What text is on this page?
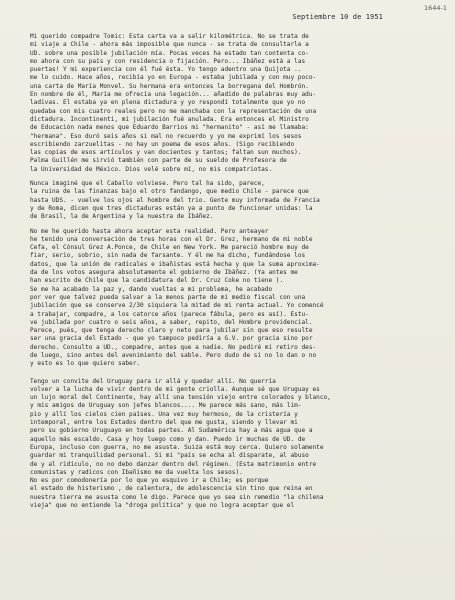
1644-1
Septiembre 10 de 1951
Mi querido compadre Tomic: Esta carta va a salir kilométrica. No se trata de
mi viaje a Chile - ahora más imposible que nunca - se trata de consultarle a
UD. sobre una posible jubilación mía. Pocas veces ha estado tan contenta co-
mo ahora con su país y con residencia o fijación. Pero... Ibáñez está a las
puertas! Y mi experiencia con él fué ésta. Yo tengo adentro una Quijota ..
me lo cuido. Hace años, recibía yo en Europa - estaba jubilada y con muy poco-
una carta de María Monvel. Su hermana era entonces la borregana del Hombrón.
En nombre de él, María me ofrecía una legación... añadido de palabras muy adu-
ladivas. Él estaba ya en plena dictadura y yo respondí totalmente que yo no
quedaba con mis cuatro reales pero no me manchaba con la representación de una
dictadura. Incontinenti, mi jubilación fué anulada. Era entonces el Ministro
de Educación nada menos que Eduardo Barrios mi "hermanito" - así me llamaba:
"hermana". Eso duró seis años si mal no recuerdo y yo me exprimí los sesos
escribiendo zarzuelitas - no hay un poema de esos años. (Sigo recibiendo
las copias de esos artículos y van docientos y tantos; faltan sun muchos).
Palma Guillén me sirvió también con parte de su sueldo de Profesora de
la Universidad de México. Dios velé sobre mí, no mis compatriotas.
Nunca imaginé que el Caballo volviese. Pero tal ha sido, parece,
la ruina de las finanzas bajo el otro fandango, que medio Chile - parece que
hasta UDS. - vuelve los ojos al hombre del trio. Gente muy informada de Francia
y de Roma, dicen que tres dictaduras están ya a punto de funcionar unidas: la
de Brasil, la de Argentina y la nuestra de Ibáñez.
No me he querido hasta ahora aceptar esta realidad. Pero anteayer
he tenido una conversación de tres horas con el Dr. Grez, hermano de mi noble
Cefa, el Cónsul Grez A.Ponce, de Chile en New York. Me pareció hombre muy de
fiar, serio, sobrio, sin nada de farsante. Y él me ha dicho, fundándose los
datos, que la unión de radicales e ibañistas está hecha y que la suma aproxima-
da de los votos asegura absolutamente el gobierno de Ibáñez. (Ya antes me
han escrito de Chile que la candidatura del Dr. Cruz Coke no tiene ).
Se me ha acabado la paz y, dando vueltas a mi problema, he acabado
por ver que talvez pueda salvar a la menos parte de mi medio fiscal con una
jubilación que se conserve 2/30 siquiera la mitad de mi renta actual. Yo comencé
a trabajar, compadre, a los catorce años (parece fábula, pero es así). Estu-
ve jubilada por cuatro o seis años, a saber, repito, del Hombre providencial.
Parece, pués, que tenga derecho claro y neto para jubilar sin que eso resulte
ser una gracia del Estado - que yo tampoco pediría a G.V. por gracia sino por
derecho. Consulto a UD., compadre, antes que a nadie. No pediré mi retiro des-
de luego, sino antes del avenimiento del sable. Pero dudo de si no lo dan o no
y esto es lo que quiero saber.
Tengo un convite del Uruguay para ir allá y quedar allí. No querría
volver a la lucha de vivir dentro de mi gente criolla. Aunque sé que Uruguay es
un lujo moral del Continente, hay allí una tensión viejo entre colorados y blanco,
y mis amigos de Uruguay son jefes blancos.... Me parece más sano, más lim-
pio y allí los cielos cien países. Una vez muy hermoso, de la cristería y
intemporal, entre los Estados dentro del que me gusta, siendo y llevar mi
pero su gobierno Uruguayo en todas partes. Al Sudamérica hay a más agua que a
aquello más escaldo. Casa y hoy luego como y dan. Puedo ir muchas de UD. de
Europa, incluso con guerra, no me asusta. Suiza está muy cerca. Quiero solamente
guardar mi tranquilidad personal. Si mi "país se echa al disparate, al abuso
de y al ridículo, no no debo danzar dentro del régimen. (Esta matrimonio entre
comunistas y radicos con Ibañismo me da vuelta los sesos).
No es por comodonería por lo que yo esquivo ir a Chile; es porque
el estado de histerismo , de calentura, de adolescencia sin tino que reina en
nuestra tierra me asusta como le digo. Parece que yo sea sin remedio "la chilena
vieja" que no entiende la "droga política" y que no logra aceptar que el
